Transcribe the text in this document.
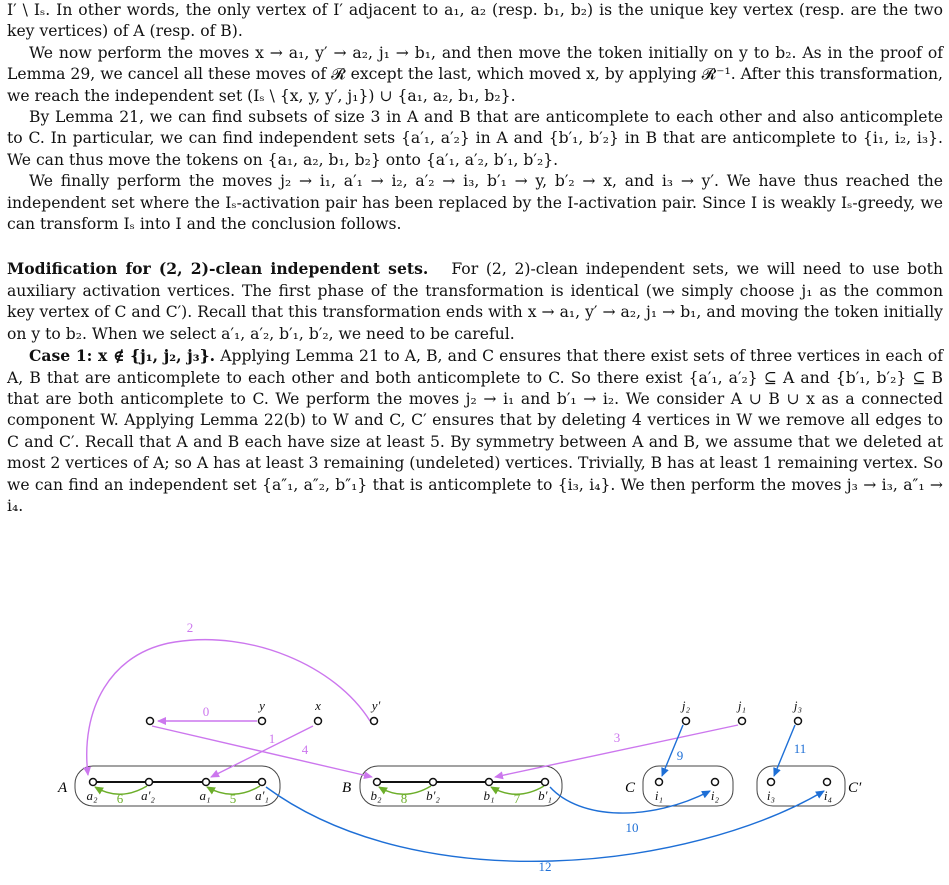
I′ \ Iₛ. In other words, the only vertex of I′ adjacent to a₁, a₂ (resp. b₁, b₂) is the unique key vertex (resp. are the two key vertices) of A (resp. of B).

We now perform the moves x → a₁, y′ → a₂, j₁ → b₁, and then move the token initially on y to b₂. As in the proof of Lemma 29, we cancel all these moves of 𝓡 except the last, which moved x, by applying 𝓡⁻¹. After this transformation, we reach the independent set (Iₛ \ {x, y, y′, j₁}) ∪ {a₁, a₂, b₁, b₂}.

By Lemma 21, we can find subsets of size 3 in A and B that are anticomplete to each other and also anticomplete to C. In particular, we can find independent sets {a′₁, a′₂} in A and {b′₁, b′₂} in B that are anticomplete to {i₁, i₂, i₃}. We can thus move the tokens on {a₁, a₂, b₁, b₂} onto {a′₁, a′₂, b′₁, b′₂}.

We finally perform the moves j₂ → i₁, a′₁ → i₂, a′₂ → i₃, b′₁ → y, b′₂ → x, and i₃ → y′. We have thus reached the independent set where the Iₛ-activation pair has been replaced by the I-activation pair. Since I is weakly Iₛ-greedy, we can transform Iₛ into I and the conclusion follows.

Modification for (2, 2)-clean independent sets. For (2, 2)-clean independent sets, we will need to use both auxiliary activation vertices. The first phase of the transformation is identical (we simply choose j₁ as the common key vertex of C and C′). Recall that this transformation ends with x → a₁, y′ → a₂, j₁ → b₁, and moving the token initially on y to b₂. When we select a′₁, a′₂, b′₁, b′₂, we need to be careful.

Case 1: x ∉ {j₁, j₂, j₃}. Applying Lemma 21 to A, B, and C ensures that there exist sets of three vertices in each of A, B that are anticomplete to each other and both anticomplete to C. So there exist {a′₁, a′₂} ⊆ A and {b′₁, b′₂} ⊆ B that are both anticomplete to C. We perform the moves j₂ → i₁ and b′₁ → i₂. We consider A ∪ B ∪ x as a connected component W. Applying Lemma 22(b) to W and C, C′ ensures that by deleting 4 vertices in W we remove all edges to C and C′. Recall that A and B each have size at least 5. By symmetry between A and B, we assume that we deleted at most 2 vertices of A; so A has at least 3 remaining (undeleted) vertices. Trivially, B has at least 1 remaining vertex. So we can find an independent set {a″₁, a″₂, b″₁} that is anticomplete to {i₃, i₄}. We then perform the moves j₃ → i₃, a″₁ → i₄.

A	B	C	C′
y	x	y′	j₂	j₁	j₃
a₂	a′₂	a₁	a′₁	b₂	b′₂	b₁	b′₁	i₁	i₂	i₃	i₄
0
1
2
3
4
5
6	7
8
9
10
11
12
